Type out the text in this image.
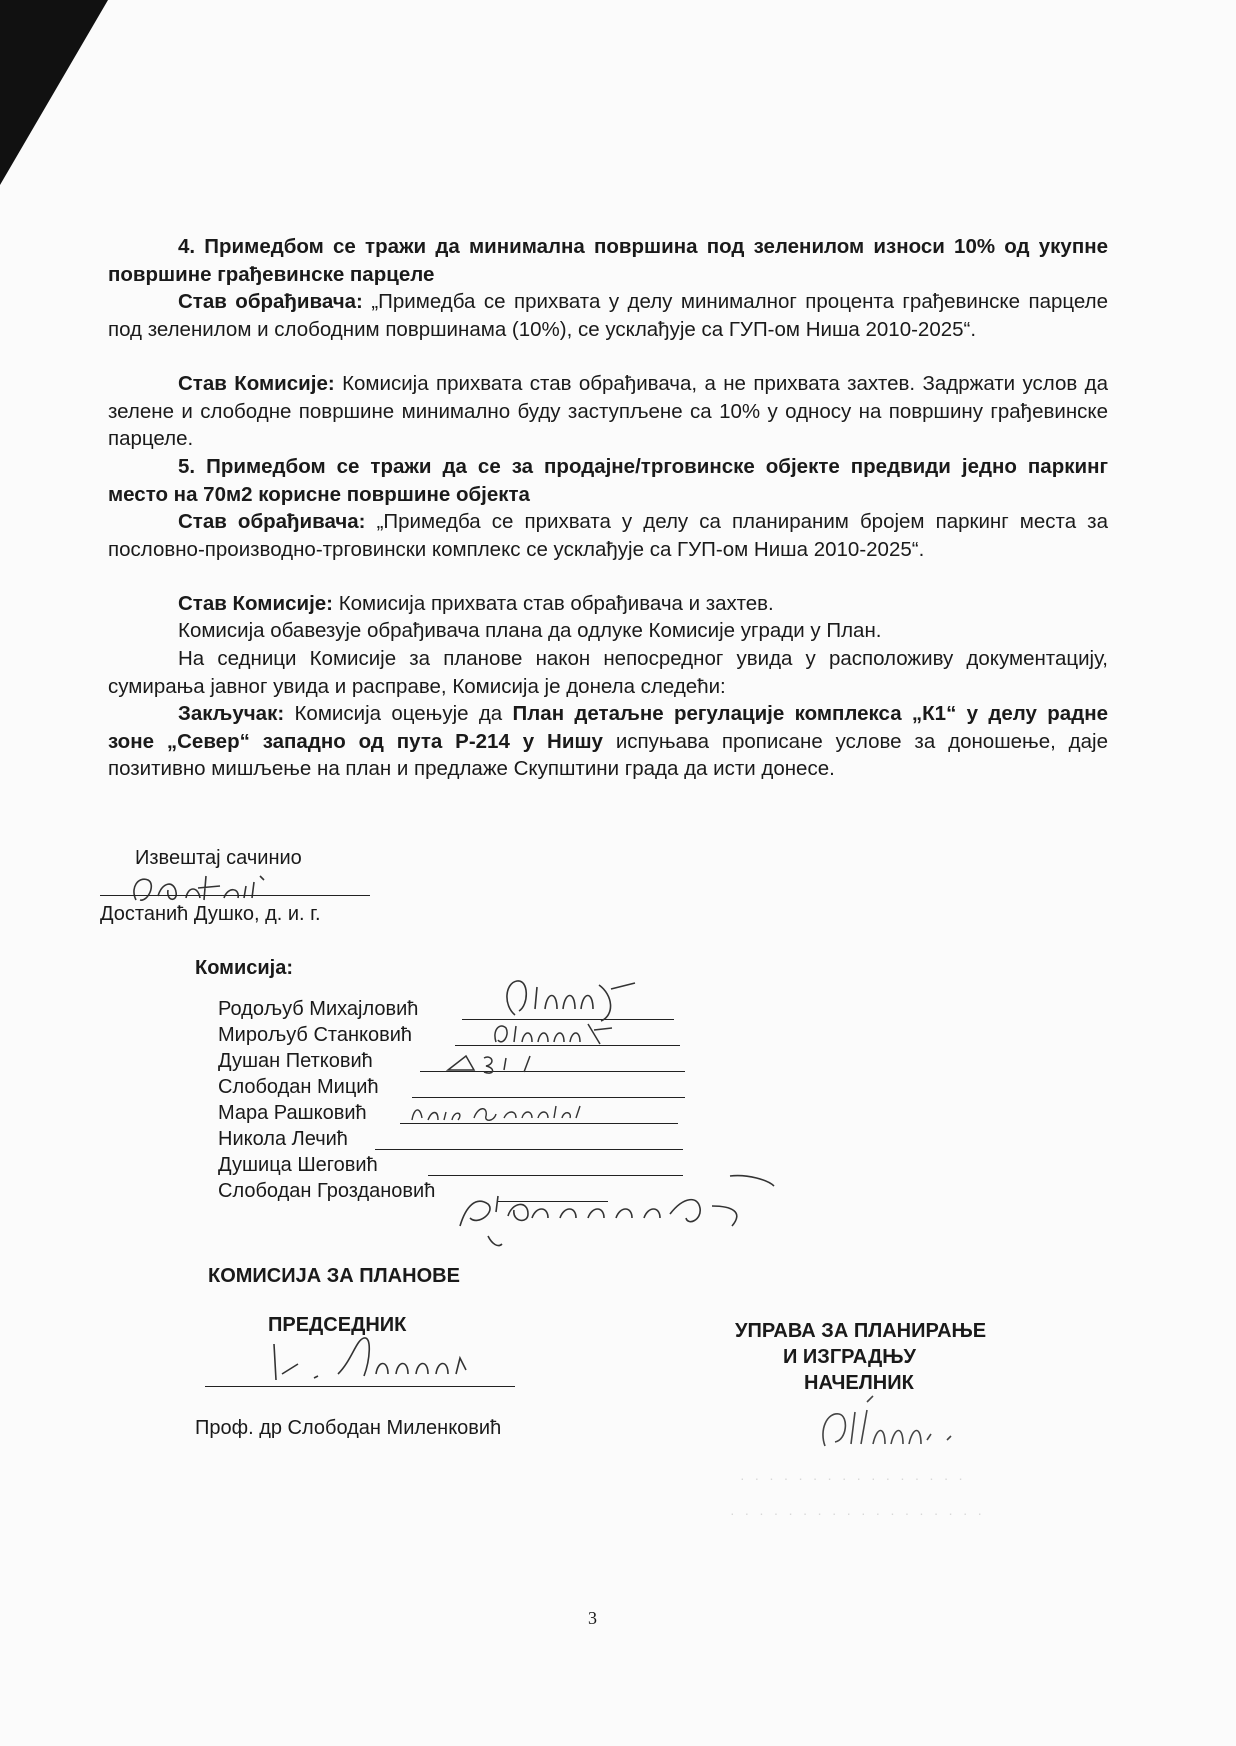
4. Примедбом се тражи да минимална површина под зеленилом износи 10% од укупне површине грађевинске парцеле

Став обрађивача: „Примедба се прихвата у делу минималног процента грађевинске парцеле под зеленилом и слободним површинама (10%), се усклађује са ГУП-ом Ниша 2010-2025“.

Став Комисије: Комисија прихвата став обрађивача, а не прихвата захтев. Задржати услов да зелене и слободне површине минимално буду заступљене са 10% у односу на површину грађевинске парцеле.

5. Примедбом се тражи да се за продајне/трговинске објекте предвиди једно паркинг место на 70м2 корисне површине објекта

Став обрађивача: „Примедба се прихвата у делу са планираним бројем паркинг места за пословно-производно-трговински комплекс се усклађује са ГУП-ом Ниша 2010-2025“.

Став Комисије: Комисија прихвата став обрађивача и захтев.

Комисија обавезује обрађивача плана да одлуке Комисије угради у План.

На седници Комисије за планове након непосредног увида у расположиву документацију, сумирања јавног увида и расправе, Комисија је донела следећи:

Закључак: Комисија оцењује да План детаљне регулације комплекса „К1“ у делу радне зоне „Север“ западно од пута Р-214 у Нишу испуњава прописане услове за доношење, даје позитивно мишљење на план и предлаже Скупштини града да исти донесе.

Извештај сачинио
Достанић Душко, д. и. г.
Комисија:
Родољуб Михајловић
Мирољуб Станковић
Душан Петковић
Слободан Мицић
Мара Рашковић
Никола Лечић
Душица Шеговић
Слободан Гроздановић
КОМИСИЈА ЗА ПЛАНОВЕ
ПРЕДСЕДНИК
Проф. др Слободан Миленковић
УПРАВА ЗА ПЛАНИРАЊЕ
И ИЗГРАДЊУ
НАЧЕЛНИК
· · · · · · · · · · · · · · · ·
· · · · · · · · · · · · · · · · · ·
3
